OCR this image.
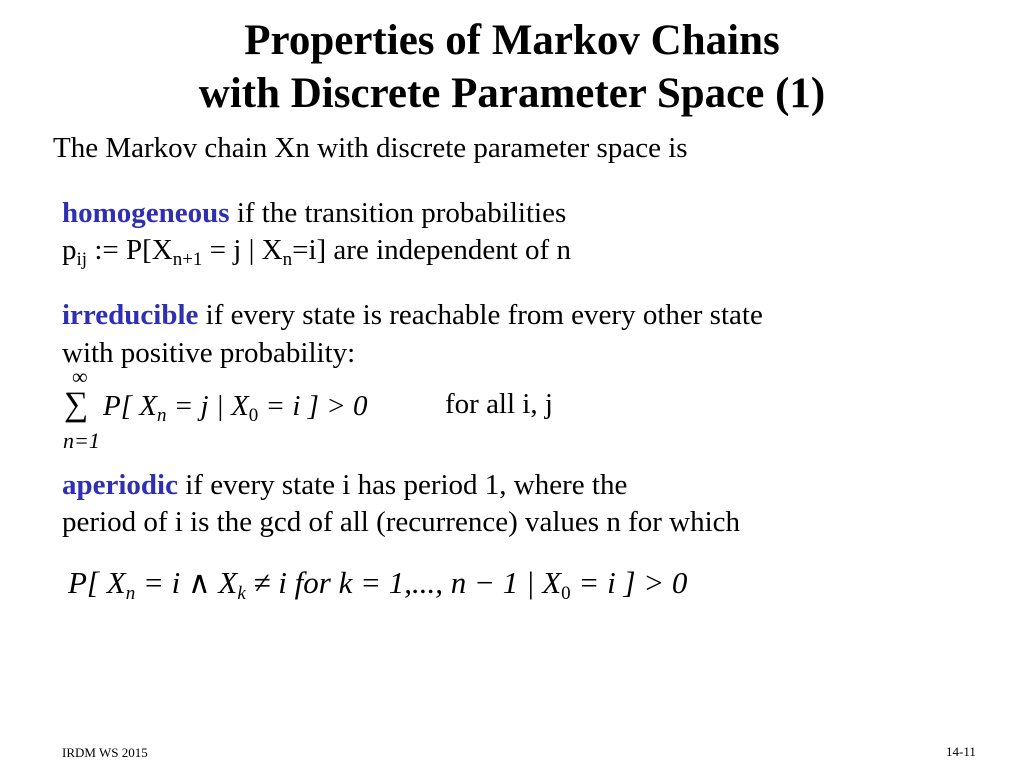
Properties of Markov Chains
with Discrete Parameter Space (1)
The Markov chain Xn with discrete parameter space is
homogeneous if the transition probabilities
$p_{ij}$ := $P[X_{n+1} = j$ | $X_n=i$] are independent of n
irreducible if every state is reachable from every other state
with positive probability:
∞
∑
n=1
P[ $X_n = j$ | $X_0 = i$ ] > 0	for all i, j
aperiodic if every state i has period 1, where the
period of i is the gcd of all (recurrence) values n for which
P[ $X_n = i$ ∧ $X_k \ne i$ for k = 1,..., n − 1 | $X_0 = i$ ] > 0
IRDM WS 2015	14-11
